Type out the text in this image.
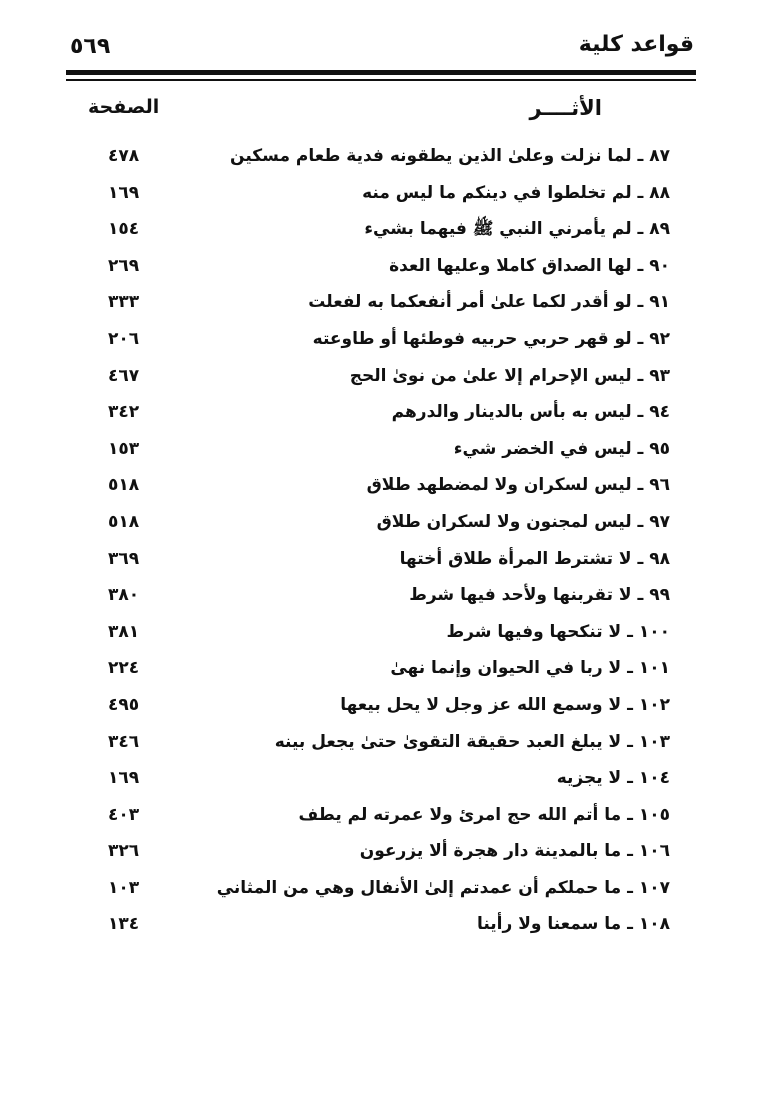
٥٦٩	قواعد كلية
الصفحة	الأثــــر
٨٧ ـ لما نزلت وعلىٰ الذين يطقونه فدية طعام مسكين
٤٧٨
٨٨ ـ لم تخلطوا في دينكم ما ليس منه
١٦٩
٨٩ ـ لم يأمرني النبي ﷺ فيهما بشيء
١٥٤
٩٠ ـ لها الصداق كاملا وعليها العدة
٢٦٩
٩١ ـ لو أقدر لكما علىٰ أمر أنفعكما به لفعلت
٣٣٣
٩٢ ـ لو قهر حربي حربيه فوطئها أو طاوعته
٢٠٦
٩٣ ـ ليس الإحرام إلا علىٰ من نوىٰ الحج
٤٦٧
٩٤ ـ ليس به بأس بالدينار والدرهم
٣٤٢
٩٥ ـ ليس في الخضر شيء
١٥٣
٩٦ ـ ليس لسكران ولا لمضطهد طلاق
٥١٨
٩٧ ـ ليس لمجنون ولا لسكران طلاق
٥١٨
٩٨ ـ لا تشترط المرأة طلاق أختها
٣٦٩
٩٩ ـ لا تقربنها ولأحد فيها شرط
٣٨٠
١٠٠ ـ لا تنكحها وفيها شرط
٣٨١
١٠١ ـ لا ربا في الحيوان وإنما نهىٰ
٢٢٤
١٠٢ ـ لا وسمع الله عز وجل لا يحل بيعها
٤٩٥
١٠٣ ـ لا يبلغ العبد حقيقة التقوىٰ حتىٰ يجعل بينه
٣٤٦
١٠٤ ـ لا يجزيه
١٦٩
١٠٥ ـ ما أتم الله حج امرئ ولا عمرته لم يطف
٤٠٣
١٠٦ ـ ما بالمدينة دار هجرة ألا يزرعون
٣٢٦
١٠٧ ـ ما حملكم أن عمدتم إلىٰ الأنفال وهي من المثاني
١٠٣
١٠٨ ـ ما سمعنا ولا رأينا
١٣٤
